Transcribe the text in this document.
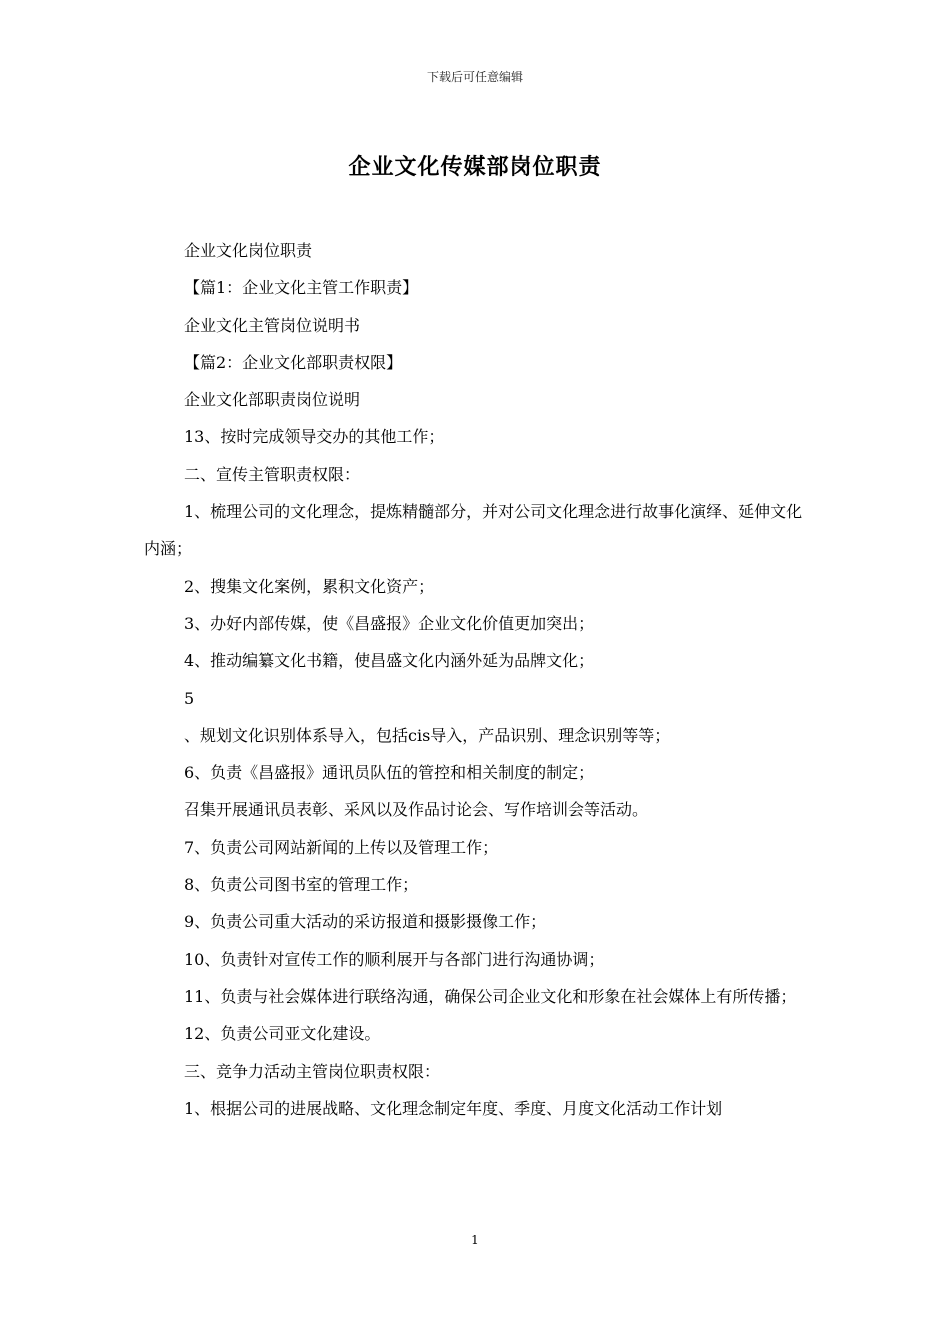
下载后可任意编辑
企业文化传媒部岗位职责

企业文化岗位职责

【篇1：企业文化主管工作职责】

企业文化主管岗位说明书

【篇2：企业文化部职责权限】

企业文化部职责岗位说明

13、按时完成领导交办的其他工作；

二、宣传主管职责权限：

1、梳理公司的文化理念，提炼精髓部分，并对公司文化理念进行故事化演绎、延伸文化内涵；

2、搜集文化案例，累积文化资产；

3、办好内部传媒，使《昌盛报》企业文化价值更加突出；

4、推动编纂文化书籍，使昌盛文化内涵外延为品牌文化；

5

、规划文化识别体系导入，包括cis导入，产品识别、理念识别等等；

6、负责《昌盛报》通讯员队伍的管控和相关制度的制定；

召集开展通讯员表彰、采风以及作品讨论会、写作培训会等活动。

7、负责公司网站新闻的上传以及管理工作；

8、负责公司图书室的管理工作；

9、负责公司重大活动的采访报道和摄影摄像工作；

10、负责针对宣传工作的顺利展开与各部门进行沟通协调；

11、负责与社会媒体进行联络沟通，确保公司企业文化和形象在社会媒体上有所传播；

12、负责公司亚文化建设。

三、竞争力活动主管岗位职责权限：

1、根据公司的进展战略、文化理念制定年度、季度、月度文化活动工作计划

1
